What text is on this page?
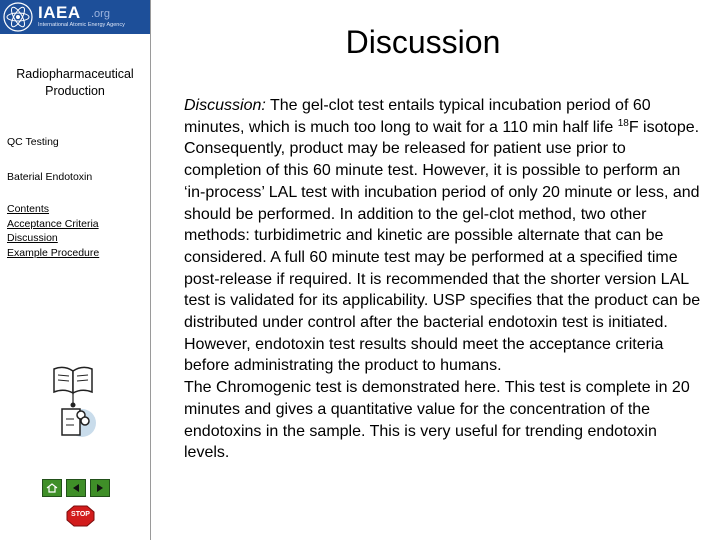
IAEA .org
International Atomic Energy Agency
Radiopharmaceutical Production
QC Testing
Baterial Endotoxin
Contents
Acceptance Criteria
Discussion
Example Procedure
STOP
Discussion

Discussion: The gel-clot test entails typical incubation period of 60 minutes, which is much too long to wait for a 110 min half life $^{18}$F isotope. Consequently, product may be released for patient use prior to completion of this 60 minute test. However, it is possible to perform an ‘in-process’ LAL test with incubation period of only 20 minute or less, and should be performed. In addition to the gel-clot method, two other methods: turbidimetric and kinetic are possible alternate that can be considered. A full 60 minute test may be performed at a specified time post-release if required. It is recommended that the shorter version LAL test is validated for its applicability. USP specifies that the product can be distributed under control after the bacterial endotoxin test is initiated. However, endotoxin test results should meet the acceptance criteria before administrating the product to humans.

The Chromogenic test is demonstrated here. This test is complete in 20 minutes and gives a quantitative value for the concentration of the endotoxins in the sample. This is very useful for trending endotoxin levels.
